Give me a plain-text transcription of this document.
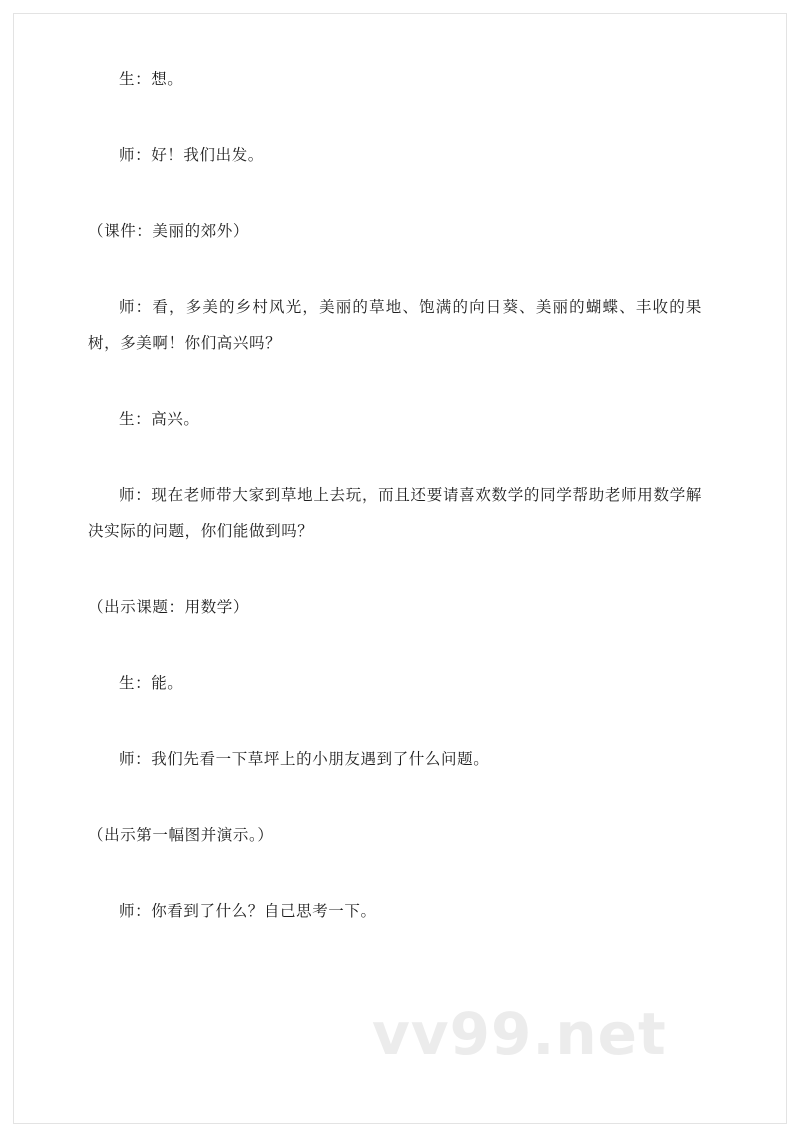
生：想。

师：好！我们出发。

（课件：美丽的郊外）

师：看，多美的乡村风光，美丽的草地、饱满的向日葵、美丽的蝴蝶、丰收的果树，多美啊！你们高兴吗？

生：高兴。

师：现在老师带大家到草地上去玩，而且还要请喜欢数学的同学帮助老师用数学解决实际的问题，你们能做到吗？

（出示课题：用数学）

生：能。

师：我们先看一下草坪上的小朋友遇到了什么问题。

（出示第一幅图并演示。）

师：你看到了什么？自己思考一下。

vv99.net
